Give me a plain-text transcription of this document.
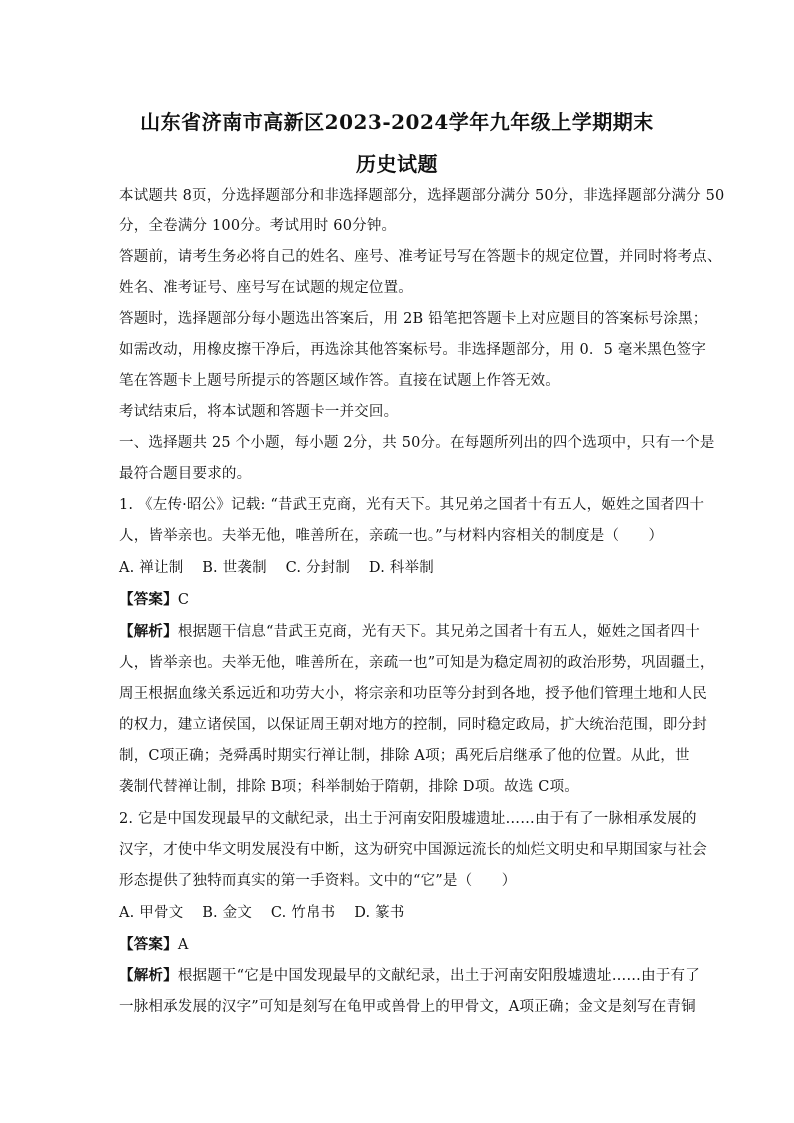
山东省济南市高新区2023-2024学年九年级上学期期末
历史试题
本试题共 8页，分选择题部分和非选择题部分，选择题部分满分 50分，非选择题部分满分 50
分，全卷满分 100分。考试用时 60分钟。
答题前，请考生务必将自己的姓名、座号、准考证号写在答题卡的规定位置，并同时将考点、
姓名、准考证号、座号写在试题的规定位置。
答题时，选择题部分每小题选出答案后，用 2B 铅笔把答题卡上对应题目的答案标号涂黑；
如需改动，用橡皮擦干净后，再选涂其他答案标号。非选择题部分，用 0．5 毫米黑色签字
笔在答题卡上题号所提示的答题区域作答。直接在试题上作答无效。
考试结束后，将本试题和答题卡一并交回。
一、选择题共 25 个小题，每小题 2分，共 50分。在每题所列出的四个选项中，只有一个是
最符合题目要求的。
1. 《左传·昭公》记载: “昔武王克商，光有天下。其兄弟之国者十有五人，姬姓之国者四十
人，皆举亲也。夫举无他，唯善所在，亲疏一也。”与材料内容相关的制度是（　　）
A. 禅让制 B. 世袭制 C. 分封制 D. 科举制
【答案】C
【解析】根据题干信息“昔武王克商，光有天下。其兄弟之国者十有五人，姬姓之国者四十
人，皆举亲也。夫举无他，唯善所在，亲疏一也”可知是为稳定周初的政治形势，巩固疆土，
周王根据血缘关系远近和功劳大小，将宗亲和功臣等分封到各地，授予他们管理土地和人民
的权力，建立诸侯国，以保证周王朝对地方的控制，同时稳定政局，扩大统治范围，即分封
制，C项正确；尧舜禹时期实行禅让制，排除 A项；禹死后启继承了他的位置。从此，世
袭制代替禅让制，排除 B项；科举制始于隋朝，排除 D项。故选 C项。
2. 它是中国发现最早的文献纪录，出土于河南安阳殷墟遗址……由于有了一脉相承发展的
汉字，才使中华文明发展没有中断，这为研究中国源远流长的灿烂文明史和早期国家与社会
形态提供了独特而真实的第一手资料。文中的“它”是（　　）
A. 甲骨文 B. 金文 C. 竹帛书 D. 篆书
【答案】A
【解析】根据题干“它是中国发现最早的文献纪录，出土于河南安阳殷墟遗址……由于有了
一脉相承发展的汉字”可知是刻写在龟甲或兽骨上的甲骨文，A项正确；金文是刻写在青铜
